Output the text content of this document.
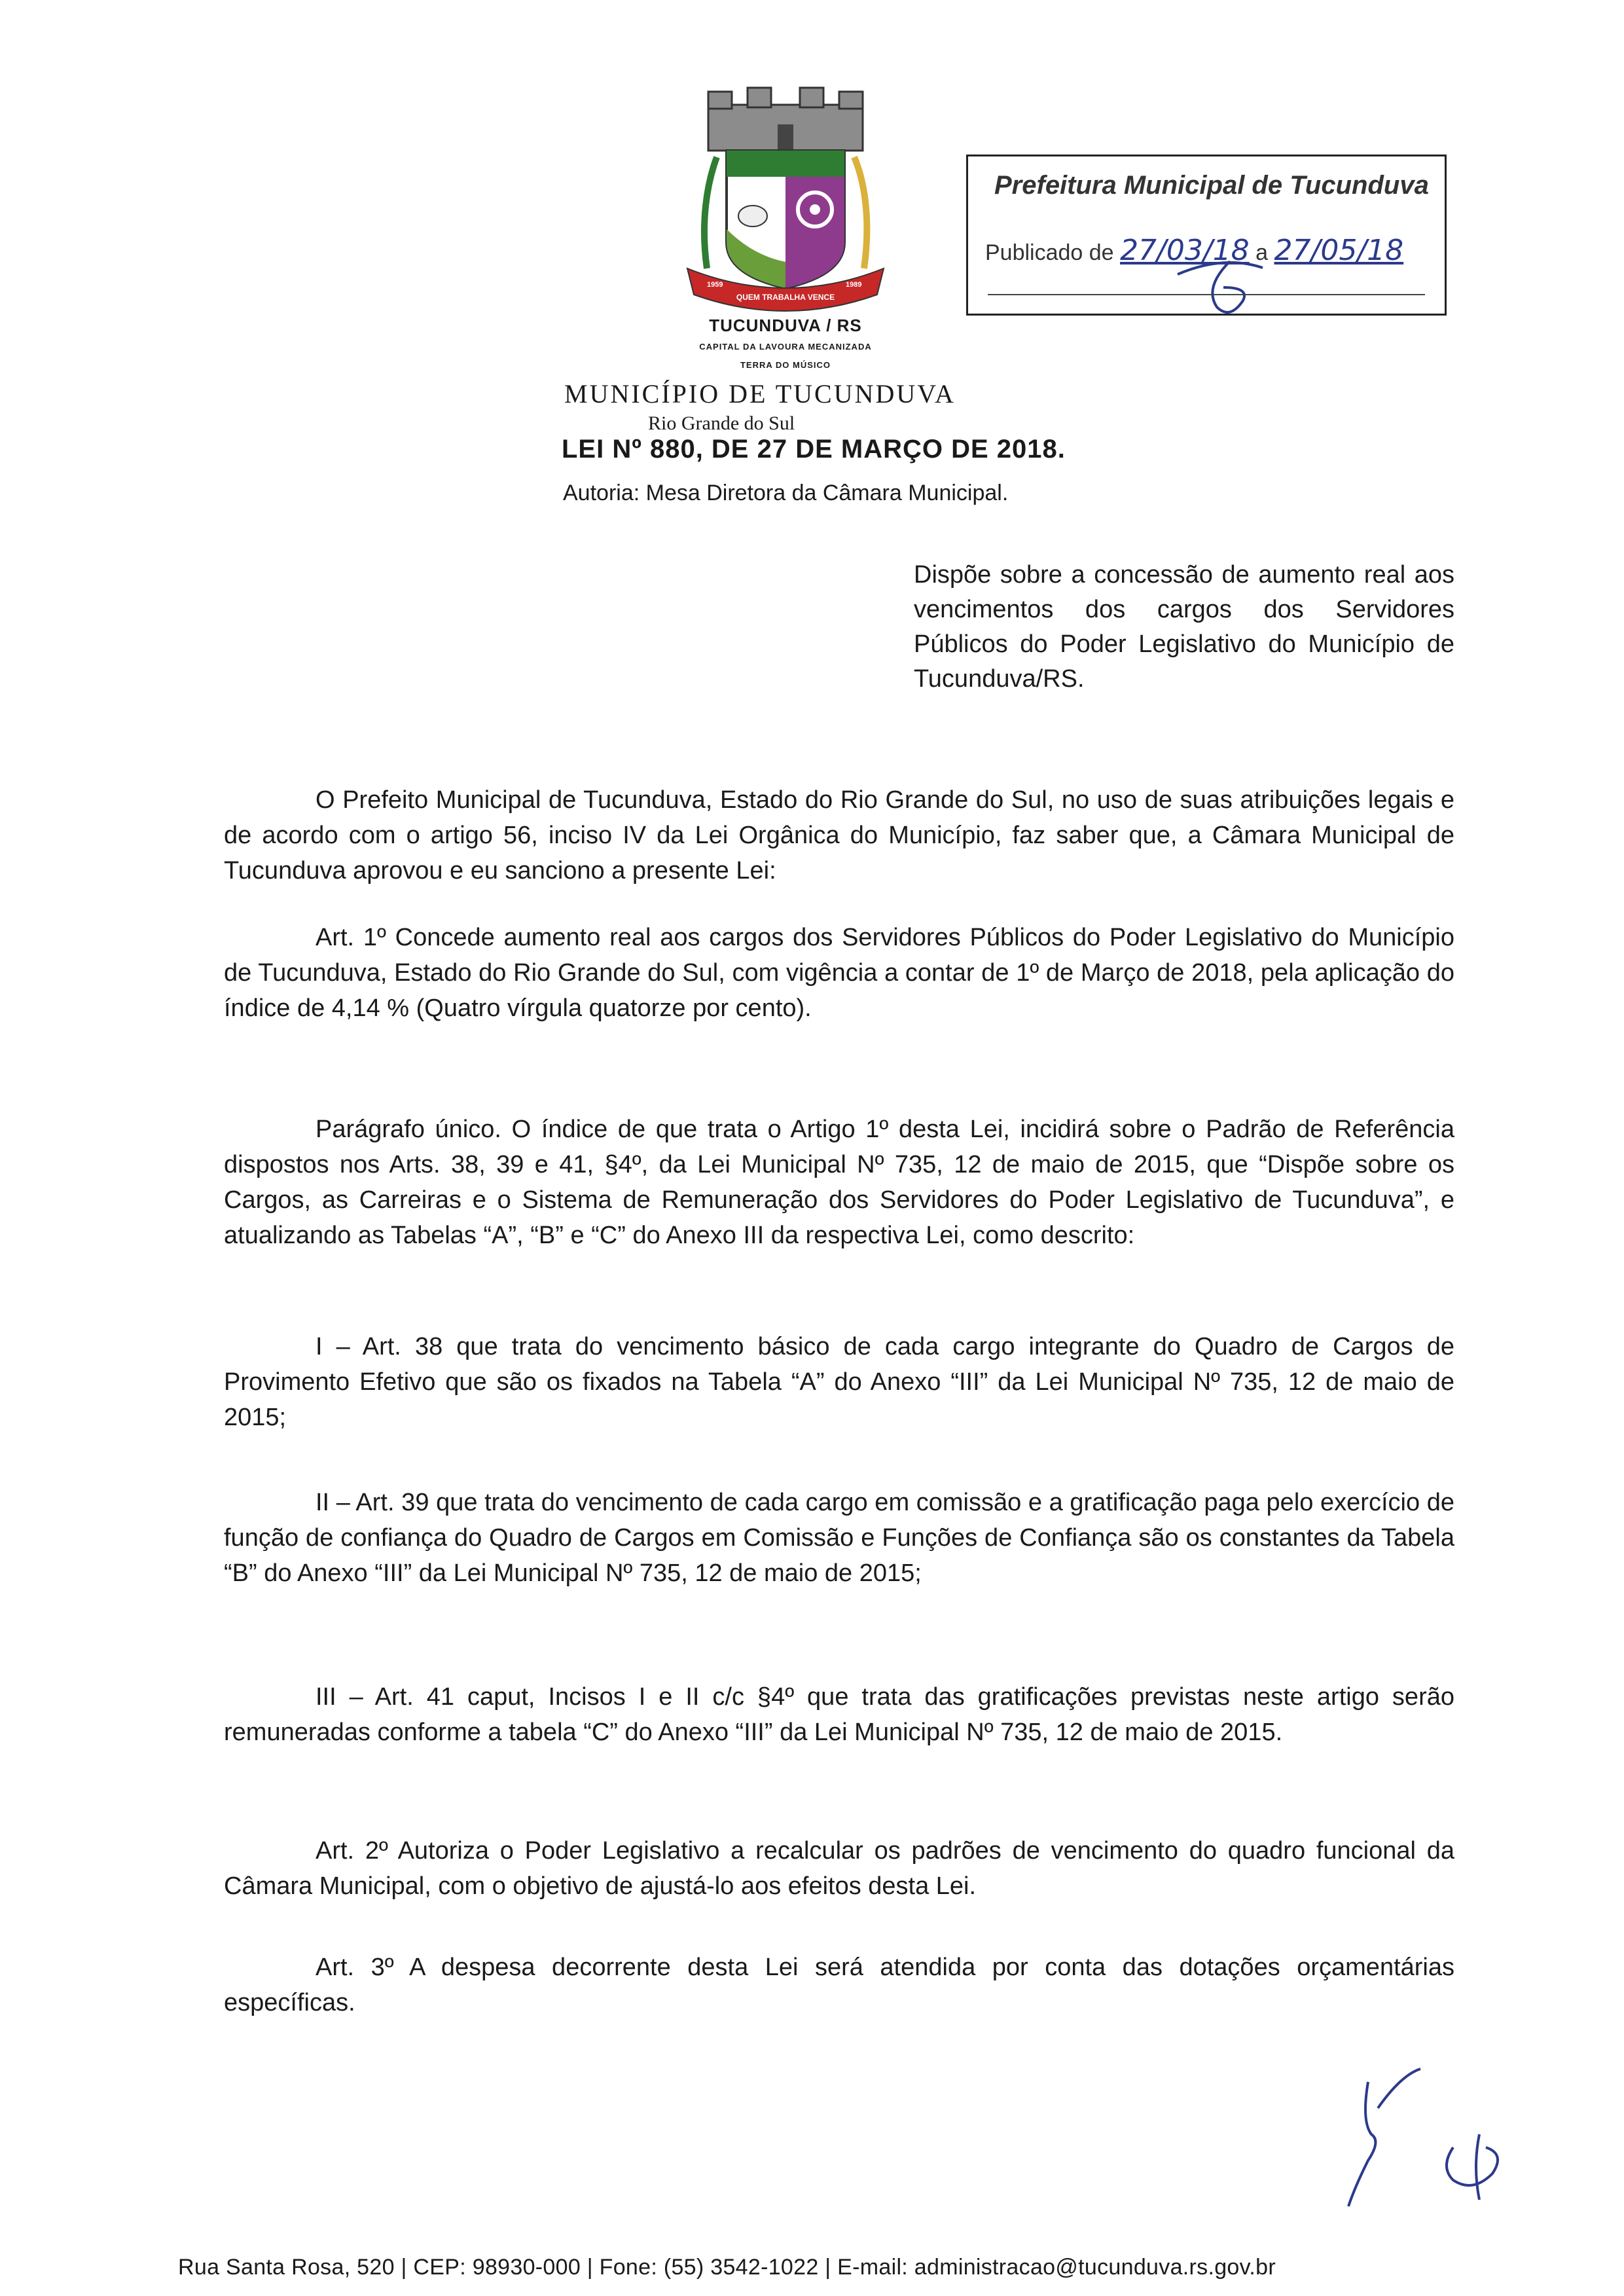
QUEM TRABALHA VENCE
1959	1989
TUCUNDUVA / RS
CAPITAL DA LAVOURA MECANIZADA
TERRA DO MÚSICO
MUNICÍPIO DE TUCUNDUVA
Rio Grande do Sul
LEI Nº 880, DE 27 DE MARÇO DE 2018.
Autoria: Mesa Diretora da Câmara Municipal.
Prefeitura Municipal de Tucunduva
Publicado de 27/03/18 a 27/05/18
Dispõe sobre a concessão de aumento real aos vencimentos dos cargos dos Servidores Públicos do Poder Legislativo do Município de Tucunduva/RS.
O Prefeito Municipal de Tucunduva, Estado do Rio Grande do Sul, no uso de suas atribuições legais e de acordo com o artigo 56, inciso IV da Lei Orgânica do Município, faz saber que, a Câmara Municipal de Tucunduva aprovou e eu sanciono a presente Lei:
Art. 1º Concede aumento real aos cargos dos Servidores Públicos do Poder Legislativo do Município de Tucunduva, Estado do Rio Grande do Sul, com vigência a contar de 1º de Março de 2018, pela aplicação do índice de 4,14 % (Quatro vírgula quatorze por cento).
Parágrafo único. O índice de que trata o Artigo 1º desta Lei, incidirá sobre o Padrão de Referência dispostos nos Arts. 38, 39 e 41, §4º, da Lei Municipal Nº 735, 12 de maio de 2015, que “Dispõe sobre os Cargos, as Carreiras e o Sistema de Remuneração dos Servidores do Poder Legislativo de Tucunduva”, e atualizando as Tabelas “A”, “B” e “C” do Anexo III da respectiva Lei, como descrito:
I – Art. 38 que trata do vencimento básico de cada cargo integrante do Quadro de Cargos de Provimento Efetivo que são os fixados na Tabela “A” do Anexo “III” da Lei Municipal Nº 735, 12 de maio de 2015;
II – Art. 39 que trata do vencimento de cada cargo em comissão e a gratificação paga pelo exercício de função de confiança do Quadro de Cargos em Comissão e Funções de Confiança são os constantes da Tabela “B” do Anexo “III” da Lei Municipal Nº 735, 12 de maio de 2015;
III – Art. 41 caput, Incisos I e II c/c §4º que trata das gratificações previstas neste artigo serão remuneradas conforme a tabela “C” do Anexo “III” da Lei Municipal Nº 735, 12 de maio de 2015.
Art. 2º Autoriza o Poder Legislativo a recalcular os padrões de vencimento do quadro funcional da Câmara Municipal, com o objetivo de ajustá-lo aos efeitos desta Lei.
Art. 3º A despesa decorrente desta Lei será atendida por conta das dotações orçamentárias específicas.
Rua Santa Rosa, 520 | CEP: 98930-000 | Fone: (55) 3542-1022 | E-mail: administracao@tucunduva.rs.gov.br
